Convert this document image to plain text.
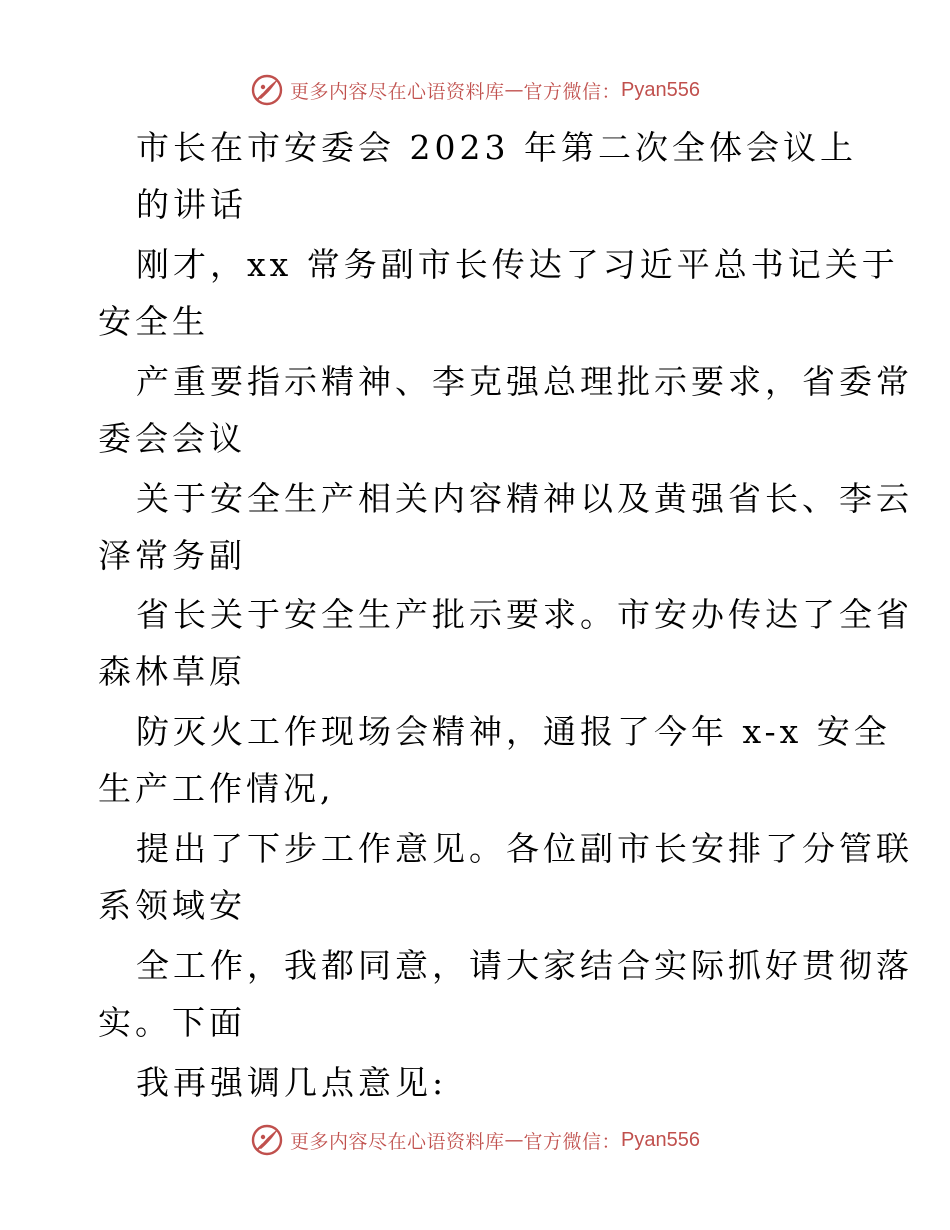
更多内容尽在心语资料库 — 官方微信： Pyan556
市长在市安委会 2023 年第二次全体会议上
的讲话
刚才，xx 常务副市长传达了习近平总书记关于
安全生
产重要指示精神、李克强总理批示要求，省委常
委会会议
关于安全生产相关内容精神以及黄强省长、李云
泽常务副
省长关于安全生产批示要求。市安办传达了全省
森林草原
防灭火工作现场会精神，通报了今年 x-x 安全
生产工作情况,
提出了下步工作意见。各位副市长安排了分管联
系领域安
全工作，我都同意，请大家结合实际抓好贯彻落
实。下面
我再强调几点意见:
更多内容尽在心语资料库 — 官方微信： Pyan556
